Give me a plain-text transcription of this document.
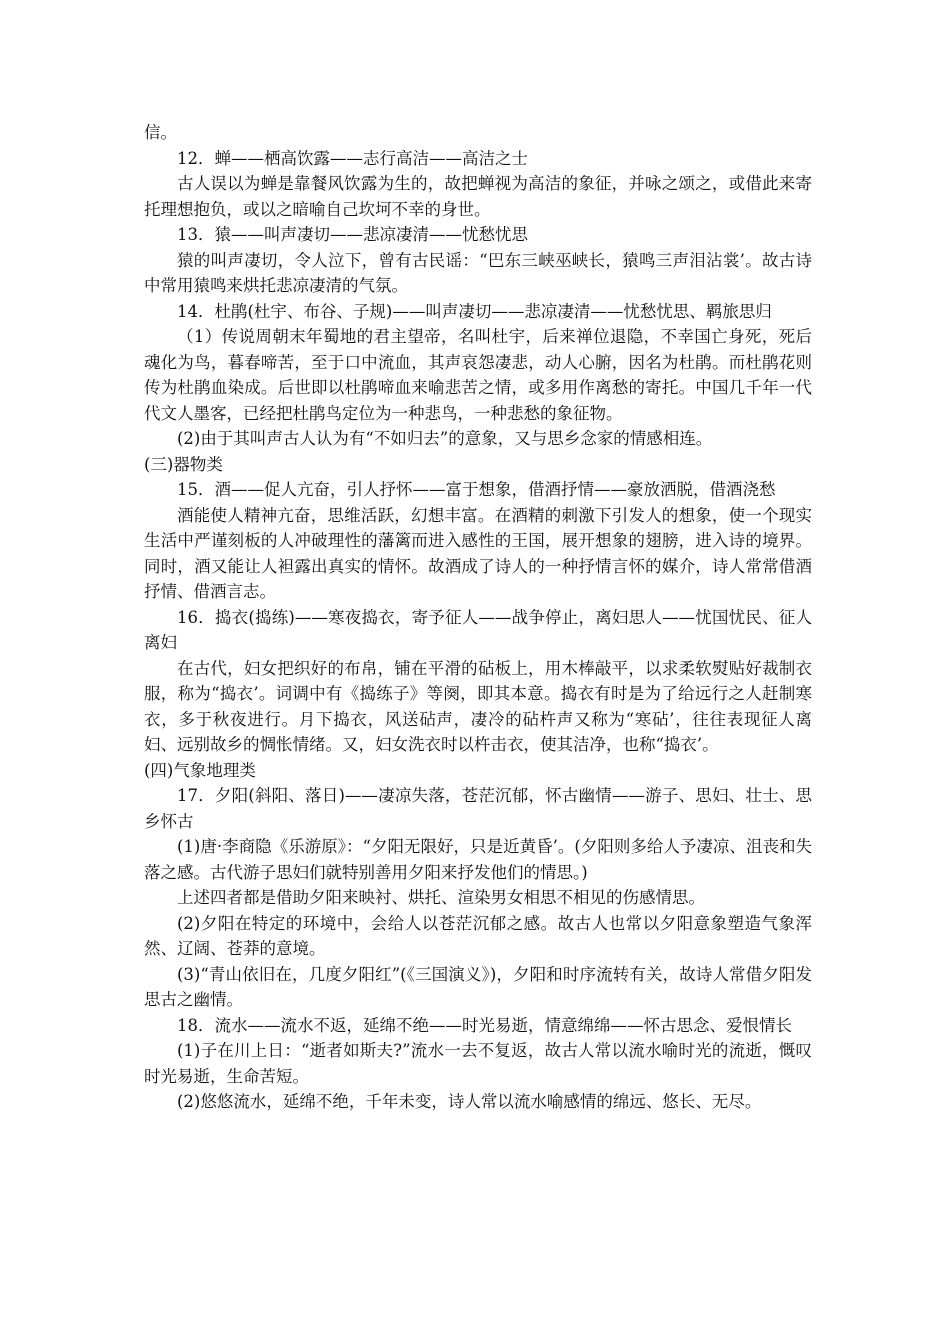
信。

12．蝉——栖高饮露——志行高洁——高洁之士

古人误以为蝉是靠餐风饮露为生的，故把蝉视为高洁的象征，并咏之颂之，或借此来寄托理想抱负，或以之暗喻自己坎坷不幸的身世。

13．猿——叫声凄切——悲凉凄清——忧愁忧思

猿的叫声凄切，令人泣下，曾有古民谣：“巴东三峡巫峡长，猿鸣三声泪沾裳’。故古诗中常用猿鸣来烘托悲凉凄清的气氛。

14．杜鹃(杜宇、布谷、子规)——叫声凄切——悲凉凄清——忧愁忧思、羁旅思归

（1）传说周朝末年蜀地的君主望帝，名叫杜宇，后来禅位退隐，不幸国亡身死，死后魂化为鸟，暮春啼苦，至于口中流血，其声哀怨凄悲，动人心腑，因名为杜鹃。而杜鹃花则传为杜鹃血染成。后世即以杜鹃啼血来喻悲苦之情，或多用作离愁的寄托。中国几千年一代代文人墨客，已经把杜鹃鸟定位为一种悲鸟，一种悲愁的象征物。

(2)由于其叫声古人认为有“不如归去”的意象，又与思乡念家的情感相连。

(三)器物类

15．酒——促人亢奋，引人抒怀——富于想象，借酒抒情——豪放洒脱，借酒浇愁

酒能使人精神亢奋，思维活跃，幻想丰富。在酒精的刺激下引发人的想象，使一个现实生活中严谨刻板的人冲破理性的藩篱而进入感性的王国，展开想象的翅膀，进入诗的境界。同时，酒又能让人袒露出真实的情怀。故酒成了诗人的一种抒情言怀的媒介，诗人常常借酒抒情、借酒言志。

16．捣衣(捣练)——寒夜捣衣，寄予征人——战争停止，离妇思人——忧国忧民、征人离妇

在古代，妇女把织好的布帛，铺在平滑的砧板上，用木棒敲平，以求柔软熨贴好裁制衣服，称为“捣衣’。词调中有《捣练子》等阕，即其本意。捣衣有时是为了给远行之人赶制寒衣，多于秋夜进行。月下捣衣，风送砧声，凄冷的砧杵声又称为“寒砧’，往往表现征人离妇、远别故乡的惆怅情绪。又，妇女洗衣时以杵击衣，使其洁净，也称“捣衣’。

(四)气象地理类

17．夕阳(斜阳、落日)——凄凉失落，苍茫沉郁，怀古幽情——游子、思妇、壮士、思乡怀古

(1)唐·李商隐《乐游原》：“夕阳无限好，只是近黄昏’。(夕阳则多给人予凄凉、沮丧和失落之感。古代游子思妇们就特别善用夕阳来抒发他们的情思。)

上述四者都是借助夕阳来映衬、烘托、渲染男女相思不相见的伤感情思。

(2)夕阳在特定的环境中，会给人以苍茫沉郁之感。故古人也常以夕阳意象塑造气象浑然、辽阔、苍莽的意境。

(3)“青山依旧在，几度夕阳红”(《三国演义》)，夕阳和时序流转有关，故诗人常借夕阳发思古之幽情。

18．流水——流水不返，延绵不绝——时光易逝，情意绵绵——怀古思念、爱恨情长

(1)子在川上日：“逝者如斯夫?”流水一去不复返，故古人常以流水喻时光的流逝，慨叹时光易逝，生命苦短。

(2)悠悠流水，延绵不绝，千年未变，诗人常以流水喻感情的绵远、悠长、无尽。
